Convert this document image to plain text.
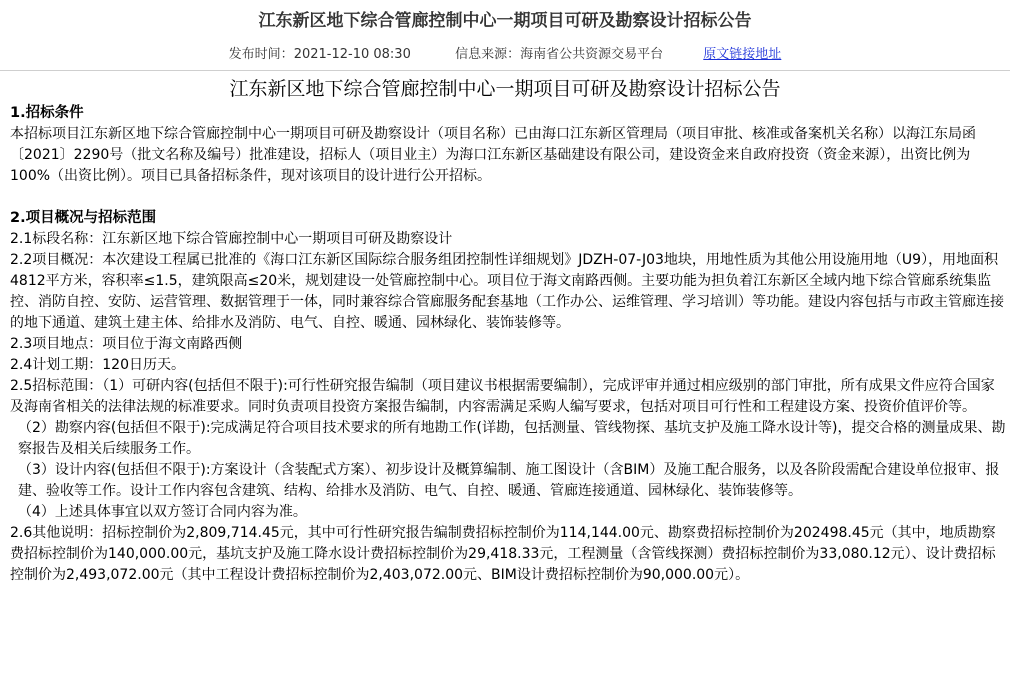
江东新区地下综合管廊控制中心一期项目可研及勘察设计招标公告
发布时间：2021-12-10 08:30	信息来源：海南省公共资源交易平台	原文链接地址
江东新区地下综合管廊控制中心一期项目可研及勘察设计招标公告

1.招标条件

本招标项目江东新区地下综合管廊控制中心一期项目可研及勘察设计（项目名称）已由海口江东新区管理局（项目审批、核准或备案机关名称）以海江东局函〔2021〕2290号（批文名称及编号）批准建设，招标人（项目业主）为海口江东新区基础建设有限公司，建设资金来自政府投资（资金来源），出资比例为100%（出资比例）。项目已具备招标条件，现对该项目的设计进行公开招标。

2.项目概况与招标范围

2.1标段名称：江东新区地下综合管廊控制中心一期项目可研及勘察设计

2.2项目概况：本次建设工程属已批准的《海口江东新区国际综合服务组团控制性详细规划》JDZH-07-J03地块，用地性质为其他公用设施用地（U9），用地面积4812平方米，容积率≤1.5，建筑限高≤20米，规划建设一处管廊控制中心。项目位于海文南路西侧。主要功能为担负着江东新区全域内地下综合管廊系统集监控、消防自控、安防、运营管理、数据管理于一体，同时兼容综合管廊服务配套基地（工作办公、运维管理、学习培训）等功能。建设内容包括与市政主管廊连接的地下通道、建筑土建主体、给排水及消防、电气、自控、暖通、园林绿化、装饰装修等。

2.3项目地点：项目位于海文南路西侧

2.4计划工期：120日历天。

2.5招标范围：（1）可研内容(包括但不限于):可行性研究报告编制（项目建议书根据需要编制），完成评审并通过相应级别的部门审批，所有成果文件应符合国家及海南省相关的法律法规的标准要求。同时负责项目投资方案报告编制，内容需满足采购人编写要求，包括对项目可行性和工程建设方案、投资价值评价等。

（2）勘察内容(包括但不限于):完成满足符合项目技术要求的所有地勘工作(详勘，包括测量、管线物探、基坑支护及施工降水设计等)，提交合格的测量成果、勘察报告及相关后续服务工作。

（3）设计内容(包括但不限于):方案设计（含装配式方案）、初步设计及概算编制、施工图设计（含BIM）及施工配合服务，以及各阶段需配合建设单位报审、报建、验收等工作。设计工作内容包含建筑、结构、给排水及消防、电气、自控、暖通、管廊连接通道、园林绿化、装饰装修等。

（4）上述具体事宜以双方签订合同内容为准。

2.6其他说明：招标控制价为2,809,714.45元，其中可行性研究报告编制费招标控制价为114,144.00元、勘察费招标控制价为202498.45元（其中，地质勘察费招标控制价为140,000.00元，基坑支护及施工降水设计费招标控制价为29,418.33元，工程测量（含管线探测）费招标控制价为33,080.12元）、设计费招标控制价为2,493,072.00元（其中工程设计费招标控制价为2,403,072.00元、BIM设计费招标控制价为90,000.00元）。
